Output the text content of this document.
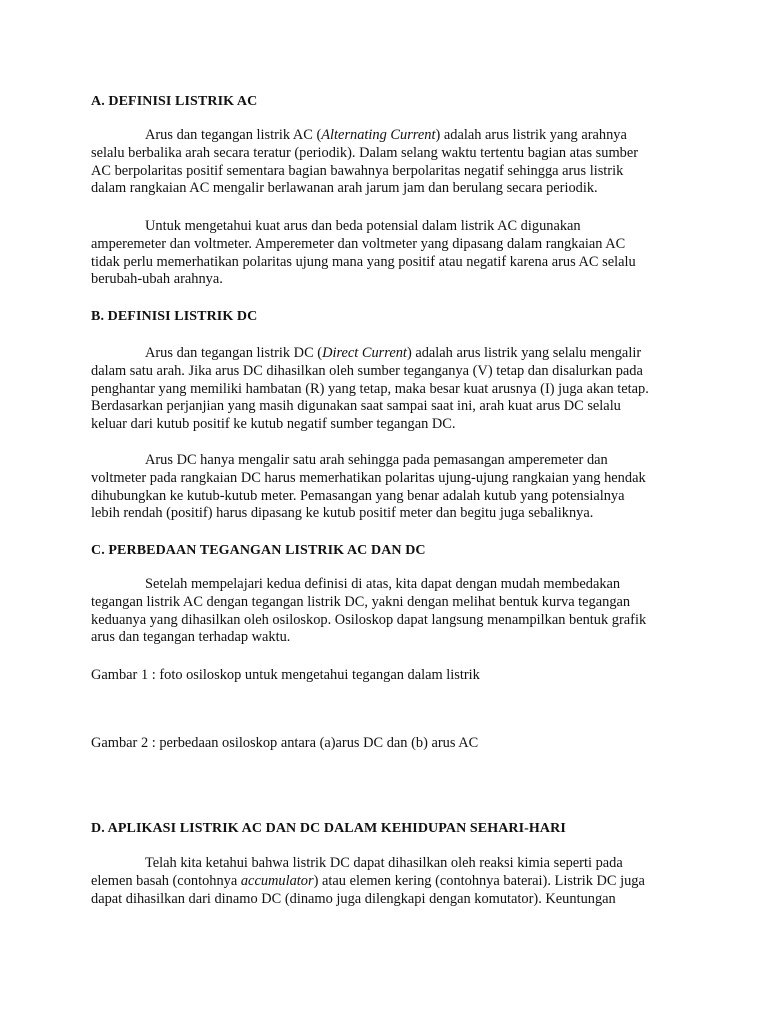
A. DEFINISI LISTRIK AC
Arus dan tegangan listrik AC (Alternating Current) adalah arus listrik yang arahnya
selalu berbalika arah secara teratur (periodik). Dalam selang waktu tertentu bagian atas sumber
AC berpolaritas positif sementara bagian bawahnya berpolaritas negatif sehingga arus listrik
dalam rangkaian AC mengalir berlawanan arah jarum jam dan berulang secara periodik.
Untuk mengetahui kuat arus dan beda potensial dalam listrik AC digunakan
amperemeter dan voltmeter. Amperemeter dan voltmeter yang dipasang dalam rangkaian AC
tidak perlu memerhatikan polaritas ujung mana yang positif atau negatif karena arus AC selalu
berubah-ubah arahnya.
B. DEFINISI LISTRIK DC
Arus dan tegangan listrik DC (Direct Current) adalah arus listrik yang selalu mengalir
dalam satu arah. Jika arus DC dihasilkan oleh sumber teganganya (V) tetap dan disalurkan pada
penghantar yang memiliki hambatan (R) yang tetap, maka besar kuat arusnya (I) juga akan tetap.
Berdasarkan perjanjian yang masih digunakan saat sampai saat ini, arah kuat arus DC selalu
keluar dari kutub positif ke kutub negatif sumber tegangan DC.
Arus DC hanya mengalir satu arah sehingga pada pemasangan amperemeter dan
voltmeter pada rangkaian DC harus memerhatikan polaritas ujung-ujung rangkaian yang hendak
dihubungkan ke kutub-kutub meter. Pemasangan yang benar adalah kutub yang potensialnya
lebih rendah (positif) harus dipasang ke kutub positif meter dan begitu juga sebaliknya.
C. PERBEDAAN TEGANGAN LISTRIK AC DAN DC
Setelah mempelajari kedua definisi di atas, kita dapat dengan mudah membedakan
tegangan listrik AC dengan tegangan listrik DC, yakni dengan melihat bentuk kurva tegangan
keduanya yang dihasilkan oleh osiloskop. Osiloskop dapat langsung menampilkan bentuk grafik
arus dan tegangan terhadap waktu.
Gambar 1 : foto osiloskop untuk mengetahui tegangan dalam listrik
Gambar 2 : perbedaan osiloskop antara (a)arus DC dan (b) arus AC
D. APLIKASI LISTRIK AC DAN DC DALAM KEHIDUPAN SEHARI-HARI
Telah kita ketahui bahwa listrik DC dapat dihasilkan oleh reaksi kimia seperti pada
elemen basah (contohnya accumulator) atau elemen kering (contohnya baterai). Listrik DC juga
dapat dihasilkan dari dinamo DC (dinamo juga dilengkapi dengan komutator). Keuntungan
